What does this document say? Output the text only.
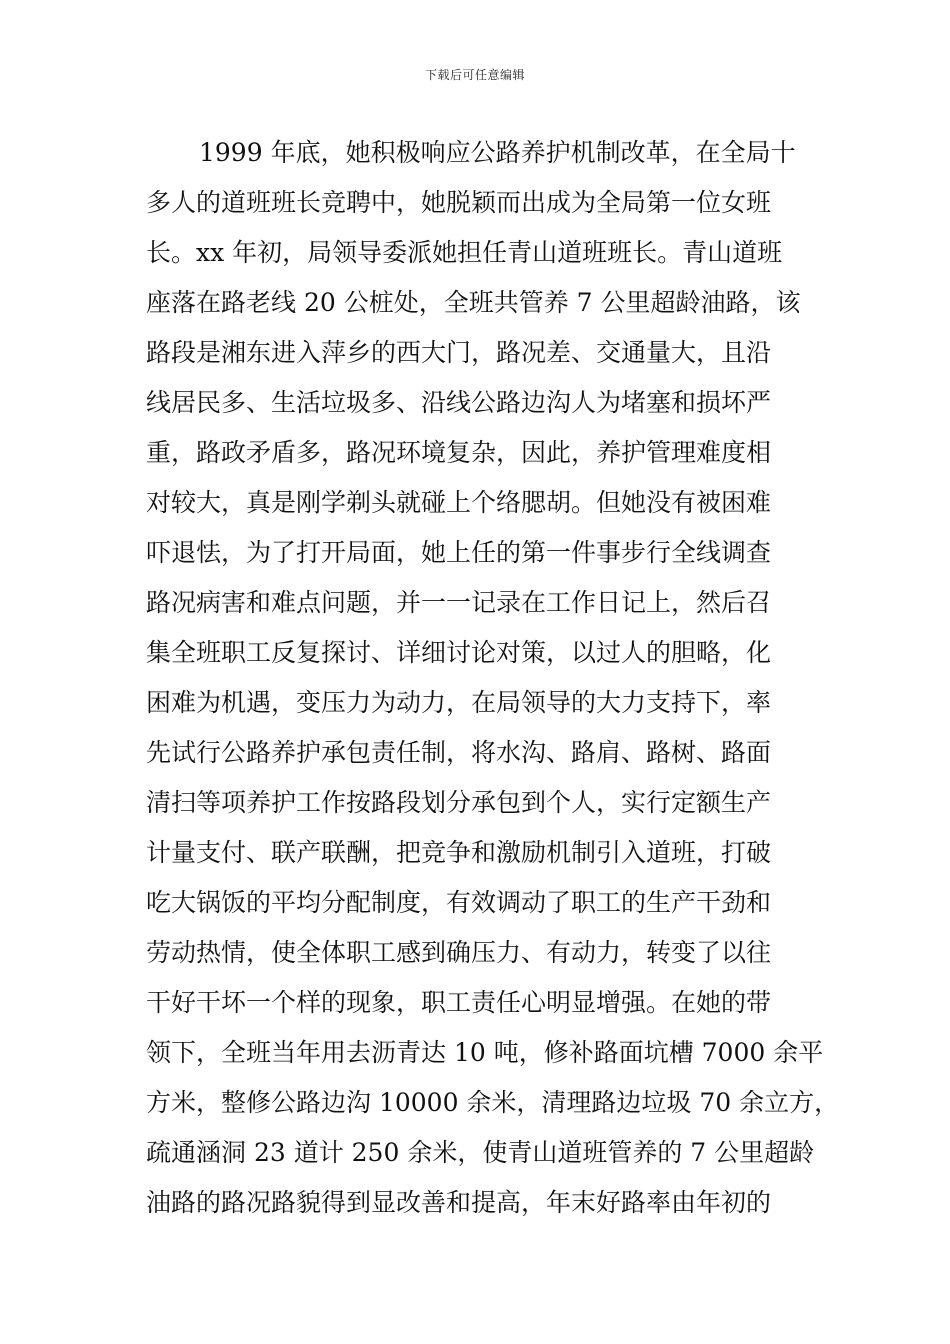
下载后可任意编辑
1999 年底，她积极响应公路养护机制改革，在全局十
多人的道班班长竞聘中，她脱颖而出成为全局第一位女班
长。xx 年初，局领导委派她担任青山道班班长。青山道班
座落在路老线 20 公桩处，全班共管养 7 公里超龄油路，该
路段是湘东进入萍乡的西大门，路况差、交通量大，且沿
线居民多、生活垃圾多、沿线公路边沟人为堵塞和损坏严
重，路政矛盾多，路况环境复杂，因此，养护管理难度相
对较大，真是刚学剃头就碰上个络腮胡。但她没有被困难
吓退怯，为了打开局面，她上任的第一件事步行全线调查
路况病害和难点问题，并一一记录在工作日记上，然后召
集全班职工反复探讨、详细讨论对策，以过人的胆略，化
困难为机遇，变压力为动力，在局领导的大力支持下，率
先试行公路养护承包责任制，将水沟、路肩、路树、路面
清扫等项养护工作按路段划分承包到个人，实行定额生产
计量支付、联产联酬，把竞争和激励机制引入道班，打破
吃大锅饭的平均分配制度，有效调动了职工的生产干劲和
劳动热情，使全体职工感到确压力、有动力，转变了以往
干好干坏一个样的现象，职工责任心明显增强。在她的带
领下，全班当年用去沥青达 10 吨，修补路面坑槽 7000 余平
方米，整修公路边沟 10000 余米，清理路边垃圾 70 余立方，
疏通涵洞 23 道计 250 余米，使青山道班管养的 7 公里超龄
油路的路况路貌得到显改善和提高，年末好路率由年初的
